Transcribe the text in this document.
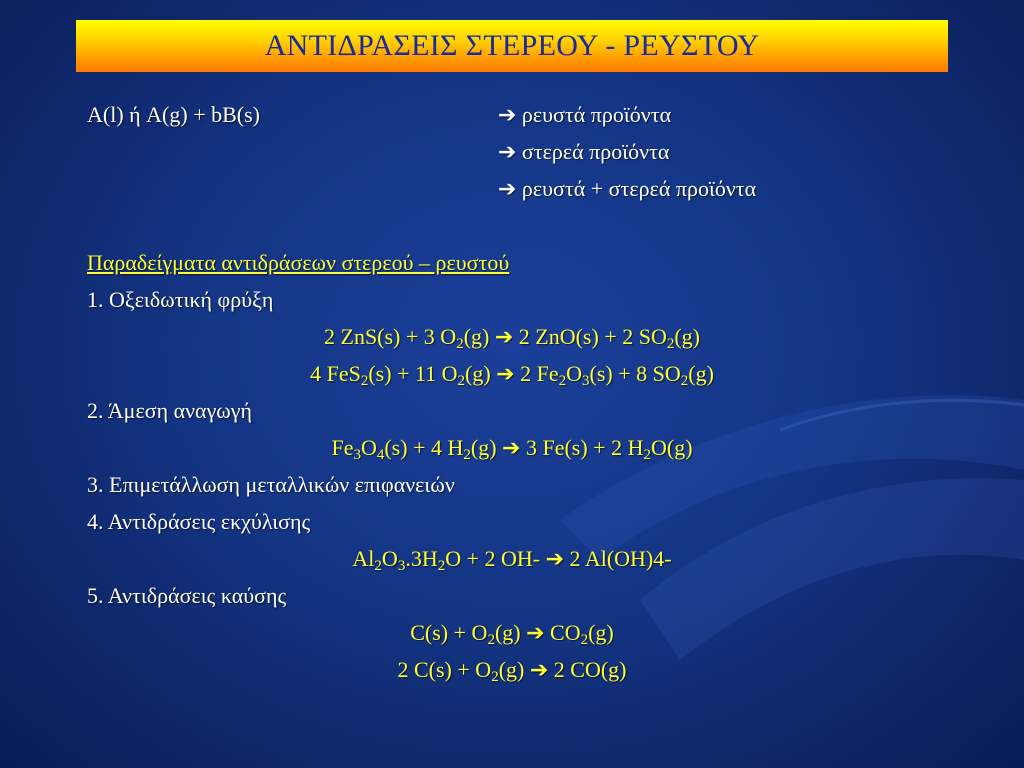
ΑΝΤΙΔΡΑΣΕΙΣ ΣΤΕΡΕΟΥ - ΡΕΥΣΤΟΥ
A(l) ή A(g) + bB(s)	➔ ρευστά προϊόντα
➔ στερεά προϊόντα
➔ ρευστά + στερεά προϊόντα
Παραδείγματα αντιδράσεων στερεού – ρευστού
1. Οξειδωτική φρύξη
2 ZnS(s) + 3 $O_2(g)$ ➔ 2 ZnO(s) + 2 $SO_2(g)$
4 FeS$_2$(s) + 11 $O_2(g)$ ➔ 2 $Fe_2O_3(s) + 8$ $SO_2(g)$
2. Άμεση αναγωγή
$Fe_3O_4(s) + 4$ $H_2(g)$ ➔ 3 Fe(s) + 2 $H_2O(g)$
3. Επιμετάλλωση μεταλλικών επιφανειών
4. Αντιδράσεις εκχύλισης
$Al_2O_3.3H_2O + 2$ OH- ➔ 2 Al(OH)4-
5. Αντιδράσεις καύσης
$C(s) + O_2(g)$ ➔ $CO_2(g)$
2 $C(s) + O_2(g)$ ➔ 2 CO(g)
